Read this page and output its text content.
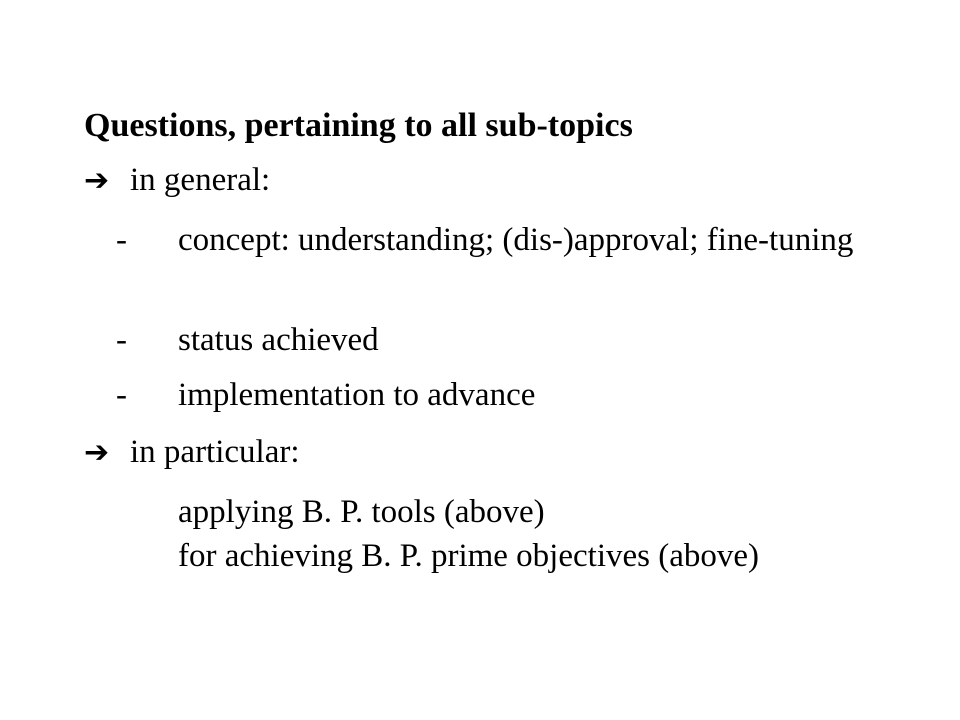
Questions, pertaining to all sub-topics
➔ in general:
- concept: understanding; (dis-)approval; fine-tuning
- status achieved
- implementation to advance
➔ in particular:
applying B. P. tools (above)
for achieving B. P. prime objectives (above)
